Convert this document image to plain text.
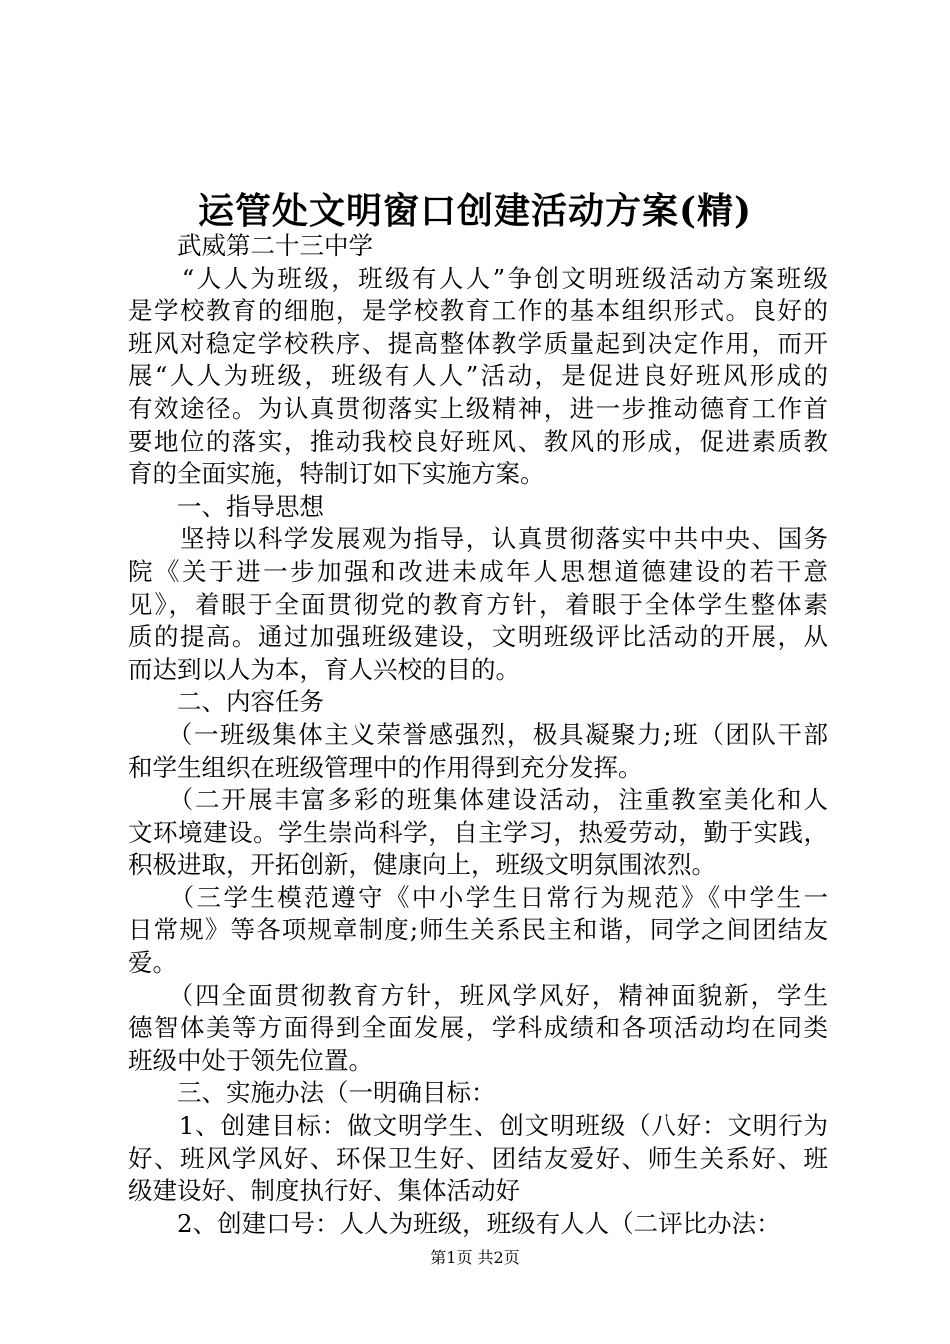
运管处文明窗口创建活动方案(精)
　　武威第二十三中学
　　“人人为班级，班级有人人”争创文明班级活动方案班级
是学校教育的细胞，是学校教育工作的基本组织形式。良好的
班风对稳定学校秩序、提高整体教学质量起到决定作用，而开
展“人人为班级，班级有人人”活动，是促进良好班风形成的
有效途径。为认真贯彻落实上级精神，进一步推动德育工作首
要地位的落实，推动我校良好班风、教风的形成，促进素质教
育的全面实施，特制订如下实施方案。
　　一、指导思想
　　坚持以科学发展观为指导，认真贯彻落实中共中央、国务
院《关于进一步加强和改进未成年人思想道德建设的若干意
见》，着眼于全面贯彻党的教育方针，着眼于全体学生整体素
质的提高。通过加强班级建设，文明班级评比活动的开展，从
而达到以人为本，育人兴校的目的。
　　二、内容任务
　　（一班级集体主义荣誉感强烈，极具凝聚力;班（团队干部
和学生组织在班级管理中的作用得到充分发挥。
　　（二开展丰富多彩的班集体建设活动，注重教室美化和人
文环境建设。学生崇尚科学，自主学习，热爱劳动，勤于实践，
积极进取，开拓创新，健康向上，班级文明氛围浓烈。
　　（三学生模范遵守《中小学生日常行为规范》《中学生一
日常规》等各项规章制度;师生关系民主和谐，同学之间团结友
爱。
　　（四全面贯彻教育方针，班风学风好，精神面貌新，学生
德智体美等方面得到全面发展，学科成绩和各项活动均在同类
班级中处于领先位置。
　　三、实施办法（一明确目标：
　　1、创建目标：做文明学生、创文明班级（八好：文明行为
好、班风学风好、环保卫生好、团结友爱好、师生关系好、班
级建设好、制度执行好、集体活动好
　　2、创建口号：人人为班级，班级有人人（二评比办法：
第1页 共2页
